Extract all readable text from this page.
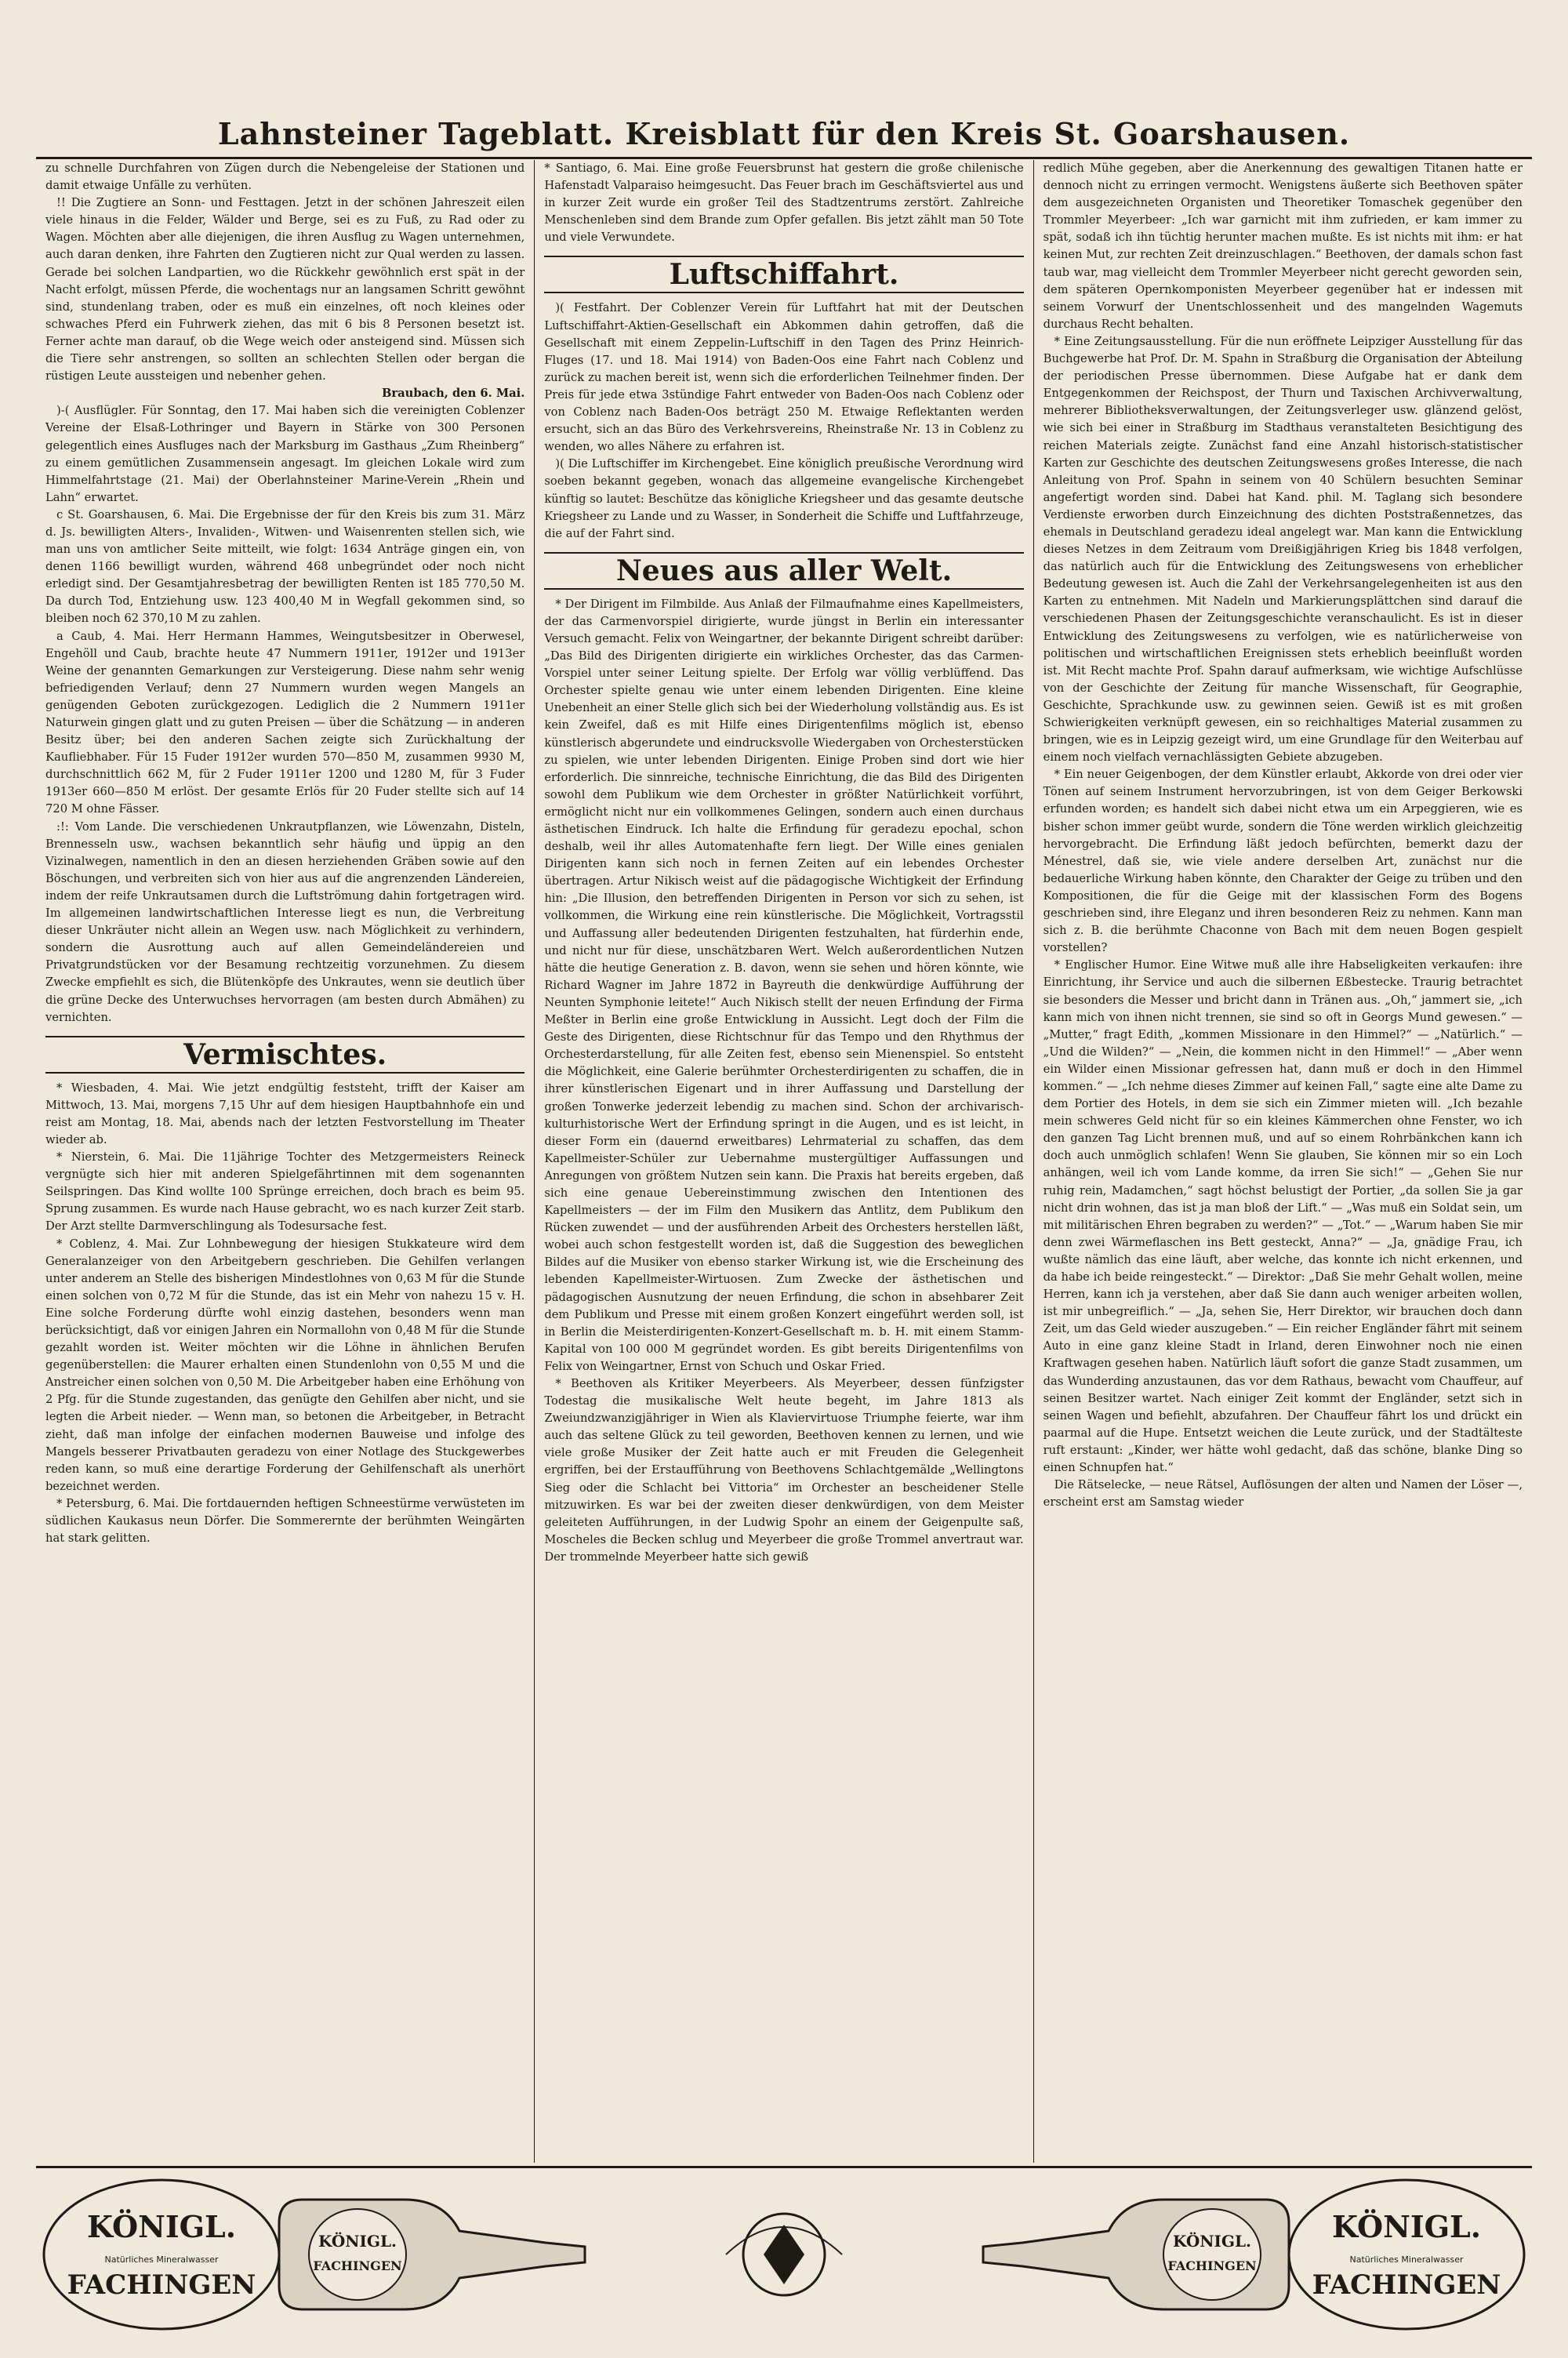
Lahnsteiner Tageblatt. Kreisblatt für den Kreis St. Goarshausen.

zu schnelle Durchfahren von Zügen durch die Nebengeleise der Stationen und damit etwaige Unfälle zu verhüten.

!! Die Zugtiere an Sonn- und Festtagen. Jetzt in der schönen Jahreszeit eilen viele hinaus in die Felder, Wälder und Berge, sei es zu Fuß, zu Rad oder zu Wagen. Möchten aber alle diejenigen, die ihren Ausflug zu Wagen unternehmen, auch daran denken, ihre Fahrten den Zugtieren nicht zur Qual werden zu lassen. Gerade bei solchen Landpartien, wo die Rückkehr gewöhnlich erst spät in der Nacht erfolgt, müssen Pferde, die wochentags nur an langsamen Schritt gewöhnt sind, stundenlang traben, oder es muß ein einzelnes, oft noch kleines oder schwaches Pferd ein Fuhrwerk ziehen, das mit 6 bis 8 Personen besetzt ist. Ferner achte man darauf, ob die Wege weich oder ansteigend sind. Müssen sich die Tiere sehr anstrengen, so sollten an schlechten Stellen oder bergan die rüstigen Leute aussteigen und nebenher gehen.

Braubach, den 6. Mai.

)-( Ausflügler. Für Sonntag, den 17. Mai haben sich die vereinigten Coblenzer Vereine der Elsaß-Lothringer und Bayern in Stärke von 300 Personen gelegentlich eines Ausfluges nach der Marksburg im Gasthaus „Zum Rheinberg“ zu einem gemütlichen Zusammensein angesagt. Im gleichen Lokale wird zum Himmelfahrtstage (21. Mai) der Oberlahnsteiner Marine-Verein „Rhein und Lahn“ erwartet.

c St. Goarshausen, 6. Mai. Die Ergebnisse der für den Kreis bis zum 31. März d. Js. bewilligten Alters-, Invaliden-, Witwen- und Waisenrenten stellen sich, wie man uns von amtlicher Seite mitteilt, wie folgt: 1634 Anträge gingen ein, von denen 1166 bewilligt wurden, während 468 unbegründet oder noch nicht erledigt sind. Der Gesamtjahresbetrag der bewilligten Renten ist 185 770,50 M. Da durch Tod, Entziehung usw. 123 400,40 M in Wegfall gekommen sind, so bleiben noch 62 370,10 M zu zahlen.

a Caub, 4. Mai. Herr Hermann Hammes, Weingutsbesitzer in Oberwesel, Engehöll und Caub, brachte heute 47 Nummern 1911er, 1912er und 1913er Weine der genannten Gemarkungen zur Versteigerung. Diese nahm sehr wenig befriedigenden Verlauf; denn 27 Nummern wurden wegen Mangels an genügenden Geboten zurückgezogen. Lediglich die 2 Nummern 1911er Naturwein gingen glatt und zu guten Preisen — über die Schätzung — in anderen Besitz über; bei den anderen Sachen zeigte sich Zurückhaltung der Kaufliebhaber. Für 15 Fuder 1912er wurden 570—850 M, zusammen 9930 M, durchschnittlich 662 M, für 2 Fuder 1911er 1200 und 1280 M, für 3 Fuder 1913er 660—850 M erlöst. Der gesamte Erlös für 20 Fuder stellte sich auf 14 720 M ohne Fässer.

:!: Vom Lande. Die verschiedenen Unkrautpflanzen, wie Löwenzahn, Disteln, Brennesseln usw., wachsen bekanntlich sehr häufig und üppig an den Vizinalwegen, namentlich in den an diesen herziehenden Gräben sowie auf den Böschungen, und verbreiten sich von hier aus auf die angrenzenden Ländereien, indem der reife Unkrautsamen durch die Luftströmung dahin fortgetragen wird. Im allgemeinen landwirtschaftlichen Interesse liegt es nun, die Verbreitung dieser Unkräuter nicht allein an Wegen usw. nach Möglichkeit zu verhindern, sondern die Ausrottung auch auf allen Gemeindeländereien und Privatgrundstücken vor der Besamung rechtzeitig vorzunehmen. Zu diesem Zwecke empfiehlt es sich, die Blütenköpfe des Unkrautes, wenn sie deutlich über die grüne Decke des Unterwuchses hervorragen (am besten durch Abmähen) zu vernichten.

Vermischtes.

* Wiesbaden, 4. Mai. Wie jetzt endgültig feststeht, trifft der Kaiser am Mittwoch, 13. Mai, morgens 7,15 Uhr auf dem hiesigen Hauptbahnhofe ein und reist am Montag, 18. Mai, abends nach der letzten Festvorstellung im Theater wieder ab.

* Nierstein, 6. Mai. Die 11jährige Tochter des Metzgermeisters Reineck vergnügte sich hier mit anderen Spielgefährtinnen mit dem sogenannten Seilspringen. Das Kind wollte 100 Sprünge erreichen, doch brach es beim 95. Sprung zusammen. Es wurde nach Hause gebracht, wo es nach kurzer Zeit starb. Der Arzt stellte Darmverschlingung als Todesursache fest.

* Coblenz, 4. Mai. Zur Lohnbewegung der hiesigen Stukkateure wird dem Generalanzeiger von den Arbeitgebern geschrieben. Die Gehilfen verlangen unter anderem an Stelle des bisherigen Mindestlohnes von 0,63 M für die Stunde einen solchen von 0,72 M für die Stunde, das ist ein Mehr von nahezu 15 v. H. Eine solche Forderung dürfte wohl einzig dastehen, besonders wenn man berücksichtigt, daß vor einigen Jahren ein Normallohn von 0,48 M für die Stunde gezahlt worden ist. Weiter möchten wir die Löhne in ähnlichen Berufen gegenüberstellen: die Maurer erhalten einen Stundenlohn von 0,55 M und die Anstreicher einen solchen von 0,50 M. Die Arbeitgeber haben eine Erhöhung von 2 Pfg. für die Stunde zugestanden, das genügte den Gehilfen aber nicht, und sie legten die Arbeit nieder. — Wenn man, so betonen die Arbeitgeber, in Betracht zieht, daß man infolge der einfachen modernen Bauweise und infolge des Mangels besserer Privatbauten geradezu von einer Notlage des Stuckgewerbes reden kann, so muß eine derartige Forderung der Gehilfenschaft als unerhört bezeichnet werden.

* Petersburg, 6. Mai. Die fortdauernden heftigen Schneestürme verwüsteten im südlichen Kaukasus neun Dörfer. Die Sommerernte der berühmten Weingärten hat stark gelitten.

* Santiago, 6. Mai. Eine große Feuersbrunst hat gestern die große chilenische Hafenstadt Valparaiso heimgesucht. Das Feuer brach im Geschäftsviertel aus und in kurzer Zeit wurde ein großer Teil des Stadtzentrums zerstört. Zahlreiche Menschenleben sind dem Brande zum Opfer gefallen. Bis jetzt zählt man 50 Tote und viele Verwundete.

Luftschiffahrt.

)( Festfahrt. Der Coblenzer Verein für Luftfahrt hat mit der Deutschen Luftschiffahrt-Aktien-Gesellschaft ein Abkommen dahin getroffen, daß die Gesellschaft mit einem Zeppelin-Luftschiff in den Tagen des Prinz Heinrich-Fluges (17. und 18. Mai 1914) von Baden-Oos eine Fahrt nach Coblenz und zurück zu machen bereit ist, wenn sich die erforderlichen Teilnehmer finden. Der Preis für jede etwa 3stündige Fahrt entweder von Baden-Oos nach Coblenz oder von Coblenz nach Baden-Oos beträgt 250 M. Etwaige Reflektanten werden ersucht, sich an das Büro des Verkehrsvereins, Rheinstraße Nr. 13 in Coblenz zu wenden, wo alles Nähere zu erfahren ist.

)( Die Luftschiffer im Kirchengebet. Eine königlich preußische Verordnung wird soeben bekannt gegeben, wonach das allgemeine evangelische Kirchengebet künftig so lautet: Beschütze das königliche Kriegsheer und das gesamte deutsche Kriegsheer zu Lande und zu Wasser, in Sonderheit die Schiffe und Luftfahrzeuge, die auf der Fahrt sind.

Neues aus aller Welt.

* Der Dirigent im Filmbilde. Aus Anlaß der Filmaufnahme eines Kapellmeisters, der das Carmenvorspiel dirigierte, wurde jüngst in Berlin ein interessanter Versuch gemacht. Felix von Weingartner, der bekannte Dirigent schreibt darüber: „Das Bild des Dirigenten dirigierte ein wirkliches Orchester, das das Carmen-Vorspiel unter seiner Leitung spielte. Der Erfolg war völlig verblüffend. Das Orchester spielte genau wie unter einem lebenden Dirigenten. Eine kleine Unebenheit an einer Stelle glich sich bei der Wiederholung vollständig aus. Es ist kein Zweifel, daß es mit Hilfe eines Dirigentenfilms möglich ist, ebenso künstlerisch abgerundete und eindrucksvolle Wiedergaben von Orchesterstücken zu spielen, wie unter lebenden Dirigenten. Einige Proben sind dort wie hier erforderlich. Die sinnreiche, technische Einrichtung, die das Bild des Dirigenten sowohl dem Publikum wie dem Orchester in größter Natürlichkeit vorführt, ermöglicht nicht nur ein vollkommenes Gelingen, sondern auch einen durchaus ästhetischen Eindruck. Ich halte die Erfindung für geradezu epochal, schon deshalb, weil ihr alles Automatenhafte fern liegt. Der Wille eines genialen Dirigenten kann sich noch in fernen Zeiten auf ein lebendes Orchester übertragen. Artur Nikisch weist auf die pädagogische Wichtigkeit der Erfindung hin: „Die Illusion, den betreffenden Dirigenten in Person vor sich zu sehen, ist vollkommen, die Wirkung eine rein künstlerische. Die Möglichkeit, Vortragsstil und Auffassung aller bedeutenden Dirigenten festzuhalten, hat fürderhin ende, und nicht nur für diese, unschätzbaren Wert. Welch außerordentlichen Nutzen hätte die heutige Generation z. B. davon, wenn sie sehen und hören könnte, wie Richard Wagner im Jahre 1872 in Bayreuth die denkwürdige Aufführung der Neunten Symphonie leitete!“ Auch Nikisch stellt der neuen Erfindung der Firma Meßter in Berlin eine große Entwicklung in Aussicht. Legt doch der Film die Geste des Dirigenten, diese Richtschnur für das Tempo und den Rhythmus der Orchesterdarstellung, für alle Zeiten fest, ebenso sein Mienenspiel. So entsteht die Möglichkeit, eine Galerie berühmter Orchesterdirigenten zu schaffen, die in ihrer künstlerischen Eigenart und in ihrer Auffassung und Darstellung der großen Tonwerke jederzeit lebendig zu machen sind. Schon der archivarisch-kulturhistorische Wert der Erfindung springt in die Augen, und es ist leicht, in dieser Form ein (dauernd erweitbares) Lehrmaterial zu schaffen, das dem Kapellmeister-Schüler zur Uebernahme mustergültiger Auffassungen und Anregungen von größtem Nutzen sein kann. Die Praxis hat bereits ergeben, daß sich eine genaue Uebereinstimmung zwischen den Intentionen des Kapellmeisters — der im Film den Musikern das Antlitz, dem Publikum den Rücken zuwendet — und der ausführenden Arbeit des Orchesters herstellen läßt, wobei auch schon festgestellt worden ist, daß die Suggestion des beweglichen Bildes auf die Musiker von ebenso starker Wirkung ist, wie die Erscheinung des lebenden Kapellmeister-Wirtuosen. Zum Zwecke der ästhetischen und pädagogischen Ausnutzung der neuen Erfindung, die schon in absehbarer Zeit dem Publikum und Presse mit einem großen Konzert eingeführt werden soll, ist in Berlin die Meisterdirigenten-Konzert-Gesellschaft m. b. H. mit einem Stamm-Kapital von 100 000 M gegründet worden. Es gibt bereits Dirigentenfilms von Felix von Weingartner, Ernst von Schuch und Oskar Fried.

* Beethoven als Kritiker Meyerbeers. Als Meyerbeer, dessen fünfzigster Todestag die musikalische Welt heute begeht, im Jahre 1813 als Zweiundzwanzigjähriger in Wien als Klaviervirtuose Triumphe feierte, war ihm auch das seltene Glück zu teil geworden, Beethoven kennen zu lernen, und wie viele große Musiker der Zeit hatte auch er mit Freuden die Gelegenheit ergriffen, bei der Erstaufführung von Beethovens Schlachtgemälde „Wellingtons Sieg oder die Schlacht bei Vittoria“ im Orchester an bescheidener Stelle mitzuwirken. Es war bei der zweiten dieser denkwürdigen, von dem Meister geleiteten Aufführungen, in der Ludwig Spohr an einem der Geigenpulte saß, Moscheles die Becken schlug und Meyerbeer die große Trommel anvertraut war. Der trommelnde Meyerbeer hatte sich gewiß

redlich Mühe gegeben, aber die Anerkennung des gewaltigen Titanen hatte er dennoch nicht zu erringen vermocht. Wenigstens äußerte sich Beethoven später dem ausgezeichneten Organisten und Theoretiker Tomaschek gegenüber den Trommler Meyerbeer: „Ich war garnicht mit ihm zufrieden, er kam immer zu spät, sodaß ich ihn tüchtig herunter machen mußte. Es ist nichts mit ihm: er hat keinen Mut, zur rechten Zeit dreinzuschlagen.“ Beethoven, der damals schon fast taub war, mag vielleicht dem Trommler Meyerbeer nicht gerecht geworden sein, dem späteren Opernkomponisten Meyerbeer gegenüber hat er indessen mit seinem Vorwurf der Unentschlossenheit und des mangelnden Wagemuts durchaus Recht behalten.

* Eine Zeitungsausstellung. Für die nun eröffnete Leipziger Ausstellung für das Buchgewerbe hat Prof. Dr. M. Spahn in Straßburg die Organisation der Abteilung der periodischen Presse übernommen. Diese Aufgabe hat er dank dem Entgegenkommen der Reichspost, der Thurn und Taxischen Archivverwaltung, mehrerer Bibliotheksverwaltungen, der Zeitungsverleger usw. glänzend gelöst, wie sich bei einer in Straßburg im Stadthaus veranstalteten Besichtigung des reichen Materials zeigte. Zunächst fand eine Anzahl historisch-statistischer Karten zur Geschichte des deutschen Zeitungswesens großes Interesse, die nach Anleitung von Prof. Spahn in seinem von 40 Schülern besuchten Seminar angefertigt worden sind. Dabei hat Kand. phil. M. Taglang sich besondere Verdienste erworben durch Einzeichnung des dichten Poststraßennetzes, das ehemals in Deutschland geradezu ideal angelegt war. Man kann die Entwicklung dieses Netzes in dem Zeitraum vom Dreißigjährigen Krieg bis 1848 verfolgen, das natürlich auch für die Entwicklung des Zeitungswesens von erheblicher Bedeutung gewesen ist. Auch die Zahl der Verkehrsangelegenheiten ist aus den Karten zu entnehmen. Mit Nadeln und Markierungsplättchen sind darauf die verschiedenen Phasen der Zeitungsgeschichte veranschaulicht. Es ist in dieser Entwicklung des Zeitungswesens zu verfolgen, wie es natürlicherweise von politischen und wirtschaftlichen Ereignissen stets erheblich beeinflußt worden ist. Mit Recht machte Prof. Spahn darauf aufmerksam, wie wichtige Aufschlüsse von der Geschichte der Zeitung für manche Wissenschaft, für Geographie, Geschichte, Sprachkunde usw. zu gewinnen seien. Gewiß ist es mit großen Schwierigkeiten verknüpft gewesen, ein so reichhaltiges Material zusammen zu bringen, wie es in Leipzig gezeigt wird, um eine Grundlage für den Weiterbau auf einem noch vielfach vernachlässigten Gebiete abzugeben.

* Ein neuer Geigenbogen, der dem Künstler erlaubt, Akkorde von drei oder vier Tönen auf seinem Instrument hervorzubringen, ist von dem Geiger Berkowski erfunden worden; es handelt sich dabei nicht etwa um ein Arpeggieren, wie es bisher schon immer geübt wurde, sondern die Töne werden wirklich gleichzeitig hervorgebracht. Die Erfindung läßt jedoch befürchten, bemerkt dazu der Ménestrel, daß sie, wie viele andere derselben Art, zunächst nur die bedauerliche Wirkung haben könnte, den Charakter der Geige zu trüben und den Kompositionen, die für die Geige mit der klassischen Form des Bogens geschrieben sind, ihre Eleganz und ihren besonderen Reiz zu nehmen. Kann man sich z. B. die berühmte Chaconne von Bach mit dem neuen Bogen gespielt vorstellen?

* Englischer Humor. Eine Witwe muß alle ihre Habseligkeiten verkaufen: ihre Einrichtung, ihr Service und auch die silbernen Eßbestecke. Traurig betrachtet sie besonders die Messer und bricht dann in Tränen aus. „Oh,“ jammert sie, „ich kann mich von ihnen nicht trennen, sie sind so oft in Georgs Mund gewesen.“ — „Mutter,“ fragt Edith, „kommen Missionare in den Himmel?“ — „Natürlich.“ — „Und die Wilden?“ — „Nein, die kommen nicht in den Himmel!“ — „Aber wenn ein Wilder einen Missionar gefressen hat, dann muß er doch in den Himmel kommen.“ — „Ich nehme dieses Zimmer auf keinen Fall,“ sagte eine alte Dame zu dem Portier des Hotels, in dem sie sich ein Zimmer mieten will. „Ich bezahle mein schweres Geld nicht für so ein kleines Kämmerchen ohne Fenster, wo ich den ganzen Tag Licht brennen muß, und auf so einem Rohrbänkchen kann ich doch auch unmöglich schlafen! Wenn Sie glauben, Sie können mir so ein Loch anhängen, weil ich vom Lande komme, da irren Sie sich!“ — „Gehen Sie nur ruhig rein, Madamchen,“ sagt höchst belustigt der Portier, „da sollen Sie ja gar nicht drin wohnen, das ist ja man bloß der Lift.“ — „Was muß ein Soldat sein, um mit militärischen Ehren begraben zu werden?“ — „Tot.“ — „Warum haben Sie mir denn zwei Wärmeflaschen ins Bett gesteckt, Anna?“ — „Ja, gnädige Frau, ich wußte nämlich das eine läuft, aber welche, das konnte ich nicht erkennen, und da habe ich beide reingesteckt.“ — Direktor: „Daß Sie mehr Gehalt wollen, meine Herren, kann ich ja verstehen, aber daß Sie dann auch weniger arbeiten wollen, ist mir unbegreiflich.“ — „Ja, sehen Sie, Herr Direktor, wir brauchen doch dann Zeit, um das Geld wieder auszugeben.“ — Ein reicher Engländer fährt mit seinem Auto in eine ganz kleine Stadt in Irland, deren Einwohner noch nie einen Kraftwagen gesehen haben. Natürlich läuft sofort die ganze Stadt zusammen, um das Wunderding anzustaunen, das vor dem Rathaus, bewacht vom Chauffeur, auf seinen Besitzer wartet. Nach einiger Zeit kommt der Engländer, setzt sich in seinen Wagen und befiehlt, abzufahren. Der Chauffeur fährt los und drückt ein paarmal auf die Hupe. Entsetzt weichen die Leute zurück, und der Stadtälteste ruft erstaunt: „Kinder, wer hätte wohl gedacht, daß das schöne, blanke Ding so einen Schnupfen hat.“

Die Rätselecke, — neue Rätsel, Auflösungen der alten und Namen der Löser —, erscheint erst am Samstag wieder

KÖNIGL.
Natürliches Mineralwasser
FACHINGEN
KÖNIGL.
FACHINGEN
KÖNIGL.
FACHINGEN
KÖNIGL.
Natürliches Mineralwasser
FACHINGEN
